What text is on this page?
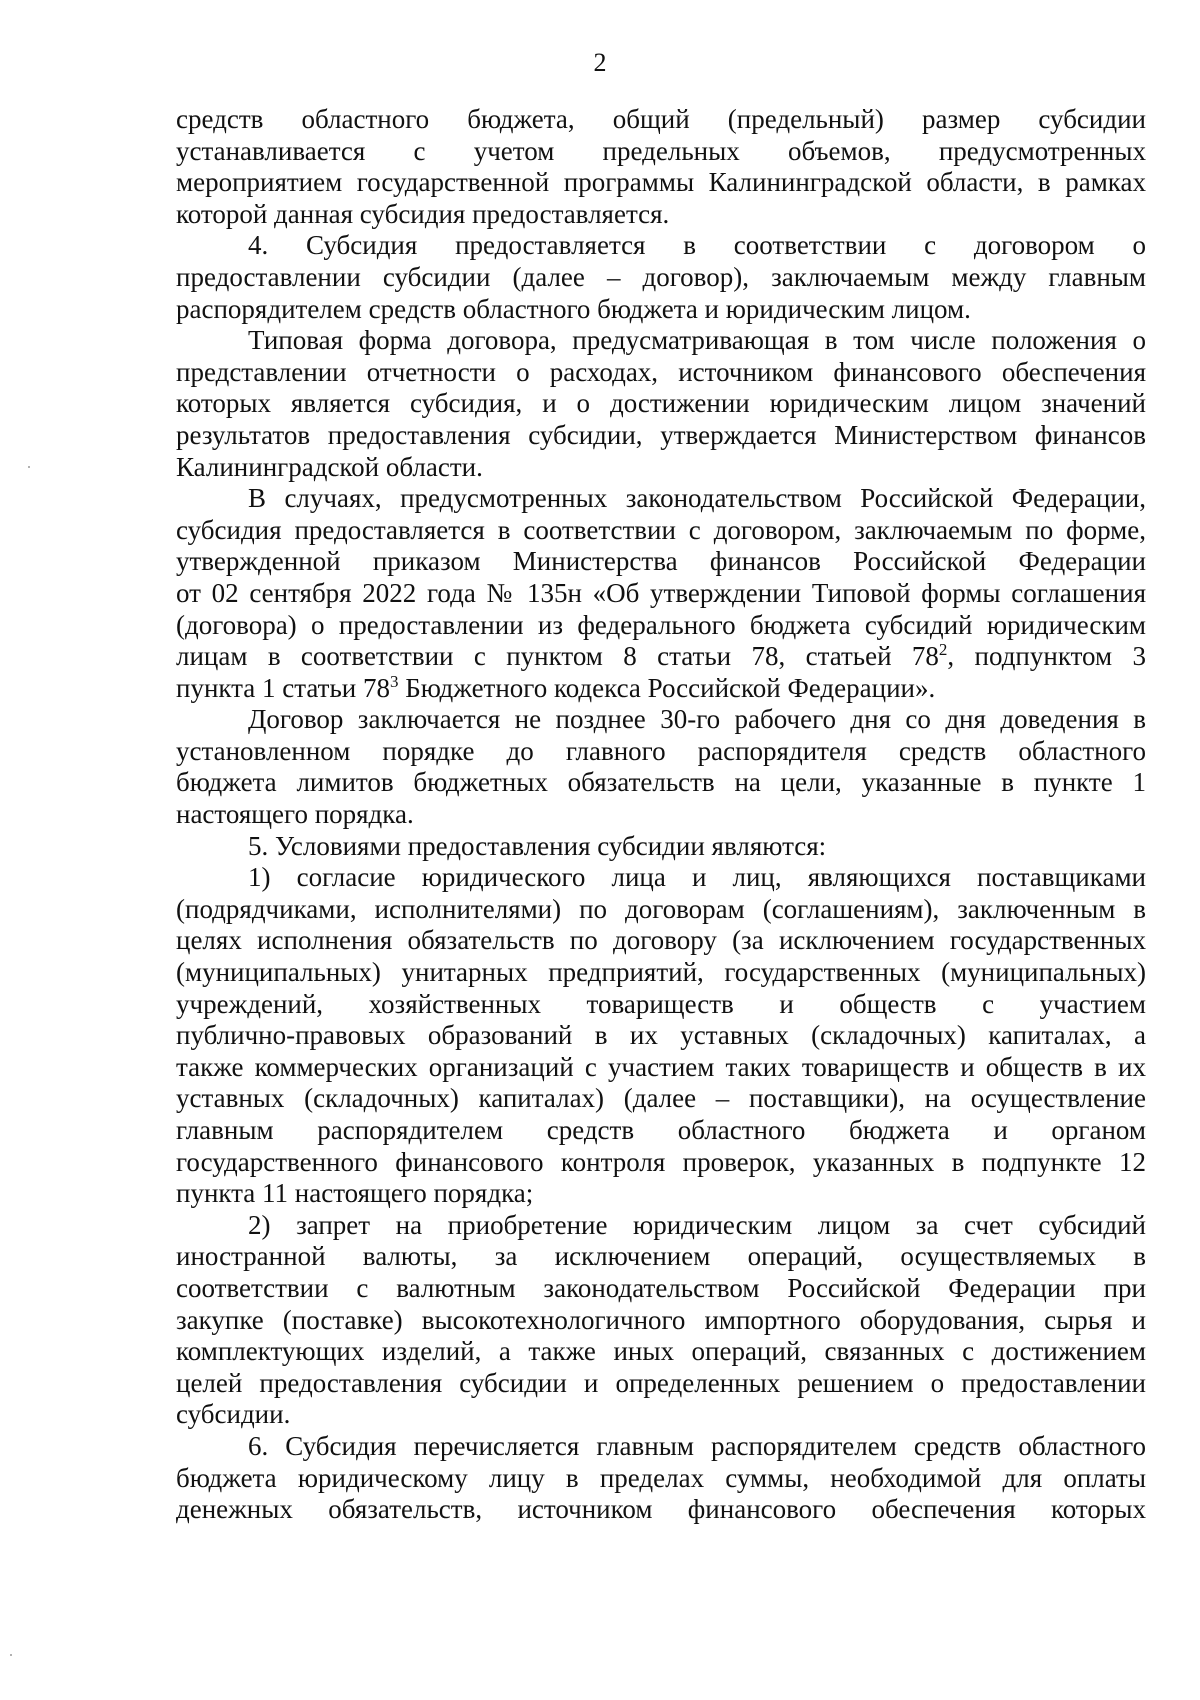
2

средств областного бюджета, общий (предельный) размер субсидии
устанавливается с учетом предельных объемов, предусмотренных
мероприятием государственной программы Калининградской области, в рамках
которой данная субсидия предоставляется.

4. Субсидия предоставляется в соответствии с договором о
предоставлении субсидии (далее – договор), заключаемым между главным
распорядителем средств областного бюджета и юридическим лицом.

Типовая форма договора, предусматривающая в том числе положения о
представлении отчетности о расходах, источником финансового обеспечения
которых является субсидия, и о достижении юридическим лицом значений
результатов предоставления субсидии, утверждается Министерством финансов
Калининградской области.

В случаях, предусмотренных законодательством Российской Федерации,
субсидия предоставляется в соответствии с договором, заключаемым по форме,
утвержденной приказом Министерства финансов Российской Федерации
от 02 сентября 2022 года № 135н «Об утверждении Типовой формы соглашения
(договора) о предоставлении из федерального бюджета субсидий юридическим
лицам в соответствии с пунктом 8 статьи 78, статьей $78^2$, подпунктом 3
пункта 1 статьи $78^3$ Бюджетного кодекса Российской Федерации».

Договор заключается не позднее 30-го рабочего дня со дня доведения в
установленном порядке до главного распорядителя средств областного
бюджета лимитов бюджетных обязательств на цели, указанные в пункте 1
настоящего порядка.

5. Условиями предоставления субсидии являются:

1) согласие юридического лица и лиц, являющихся поставщиками
(подрядчиками, исполнителями) по договорам (соглашениям), заключенным в
целях исполнения обязательств по договору (за исключением государственных
(муниципальных) унитарных предприятий, государственных (муниципальных)
учреждений, хозяйственных товариществ и обществ с участием
публично-правовых образований в их уставных (складочных) капиталах, а
также коммерческих организаций с участием таких товариществ и обществ в их
уставных (складочных) капиталах) (далее – поставщики), на осуществление
главным распорядителем средств областного бюджета и органом
государственного финансового контроля проверок, указанных в подпункте 12
пункта 11 настоящего порядка;

2) запрет на приобретение юридическим лицом за счет субсидий
иностранной валюты, за исключением операций, осуществляемых в
соответствии с валютным законодательством Российской Федерации при
закупке (поставке) высокотехнологичного импортного оборудования, сырья и
комплектующих изделий, а также иных операций, связанных с достижением
целей предоставления субсидии и определенных решением о предоставлении
субсидии.

6. Субсидия перечисляется главным распорядителем средств областного
бюджета юридическому лицу в пределах суммы, необходимой для оплаты
денежных обязательств, источником финансового обеспечения которых
